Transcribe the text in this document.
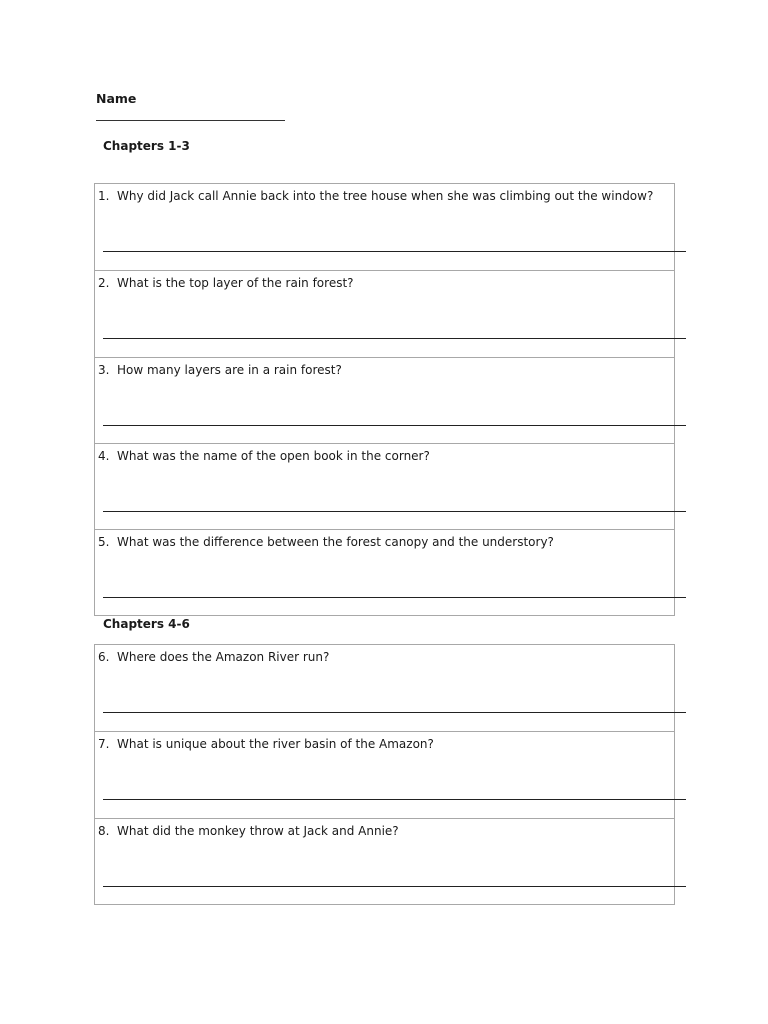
Name
Chapters 1-3
1. Why did Jack call Annie back into the tree house when she was climbing out the window?
2. What is the top layer of the rain forest?
3. How many layers are in a rain forest?
4. What was the name of the open book in the corner?
5. What was the difference between the forest canopy and the understory?
Chapters 4-6
6. Where does the Amazon River run?
7. What is unique about the river basin of the Amazon?
8. What did the monkey throw at Jack and Annie?
